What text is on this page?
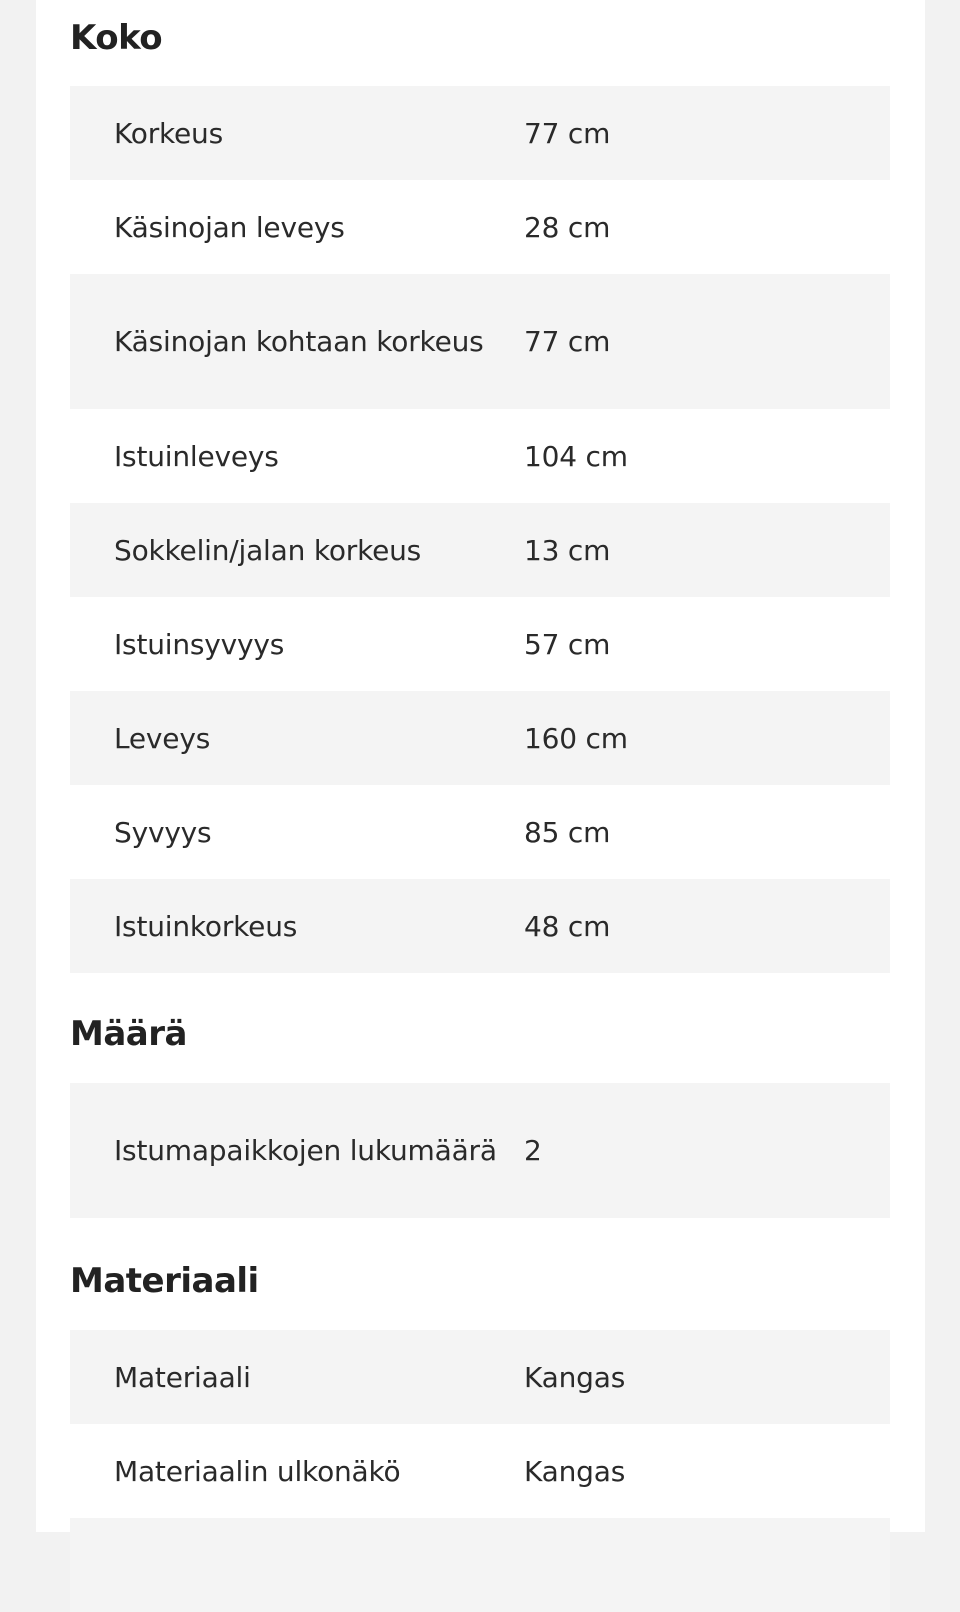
Koko
Korkeus	77 cm
Käsinojan leveys	28 cm
Käsinojan kohtaan korkeus	77 cm
Istuinleveys	104 cm
Sokkelin/jalan korkeus	13 cm
Istuinsyvyys	57 cm
Leveys	160 cm
Syvyys	85 cm
Istuinkorkeus	48 cm
Määrä
Istumapaikkojen lukumäärä 2
Materiaali
Materiaali	Kangas
Materiaalin ulkonäkö	Kangas
